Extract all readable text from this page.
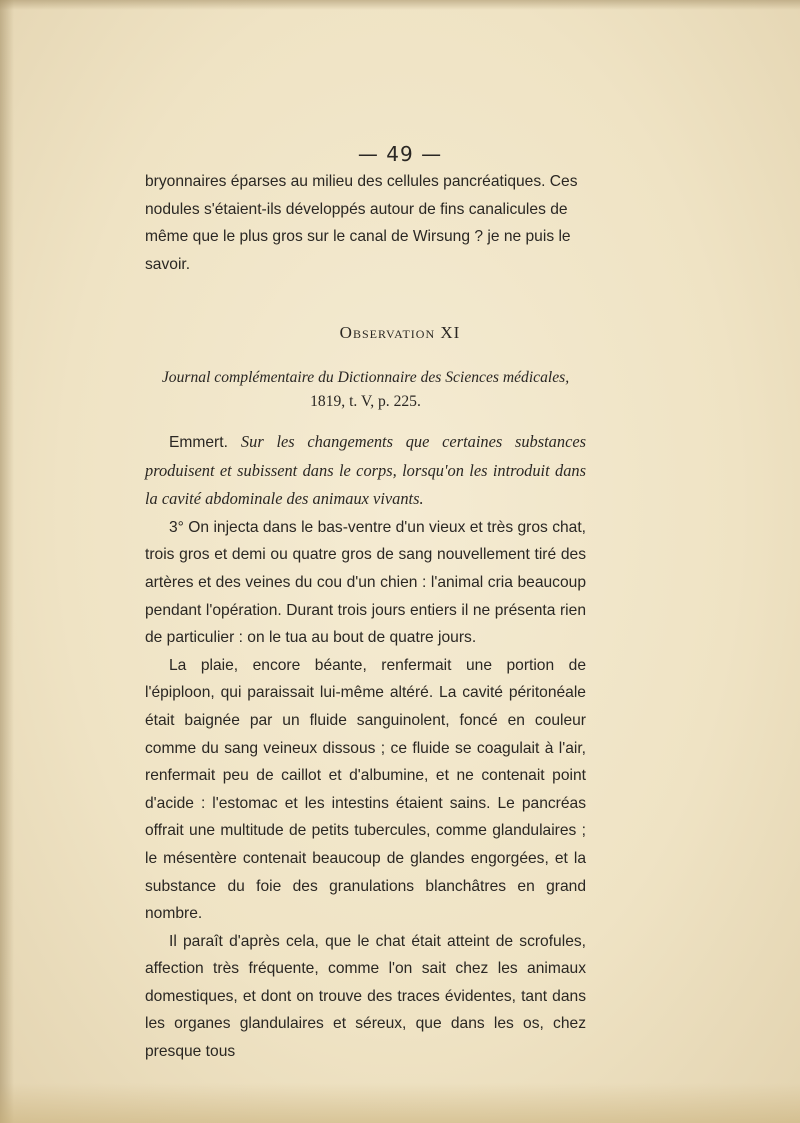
— 49 —

bryonnaires éparses au milieu des cellules pancréatiques. Ces

nodules s'étaient-ils développés autour de fins canalicules de

même que le plus gros sur le canal de Wirsung ? je ne puis le

savoir.

Observation XI
Journal complémentaire du Dictionnaire des Sciences médicales,
1819, t. V, p. 225.

Emmert. Sur les changements que certaines substances produisent et subissent dans le corps, lorsqu'on les introduit dans la cavité abdominale des animaux vivants.

3° On injecta dans le bas-ventre d'un vieux et très gros chat, trois gros et demi ou quatre gros de sang nouvellement tiré des artères et des veines du cou d'un chien : l'animal cria beaucoup pendant l'opération. Durant trois jours entiers il ne présenta rien de particulier : on le tua au bout de quatre jours.

La plaie, encore béante, renfermait une portion de l'épiploon, qui paraissait lui-même altéré. La cavité péritonéale était baignée par un fluide sanguinolent, foncé en couleur comme du sang veineux dissous ; ce fluide se coagulait à l'air, renfermait peu de caillot et d'albumine, et ne contenait point d'acide : l'estomac et les intestins étaient sains. Le pancréas offrait une multitude de petits tubercules, comme glandulaires ; le mésentère contenait beaucoup de glandes engorgées, et la substance du foie des granulations blanchâtres en grand nombre.

Il paraît d'après cela, que le chat était atteint de scrofules, affection très fréquente, comme l'on sait chez les animaux domestiques, et dont on trouve des traces évidentes, tant dans les organes glandulaires et séreux, que dans les os, chez presque tous
